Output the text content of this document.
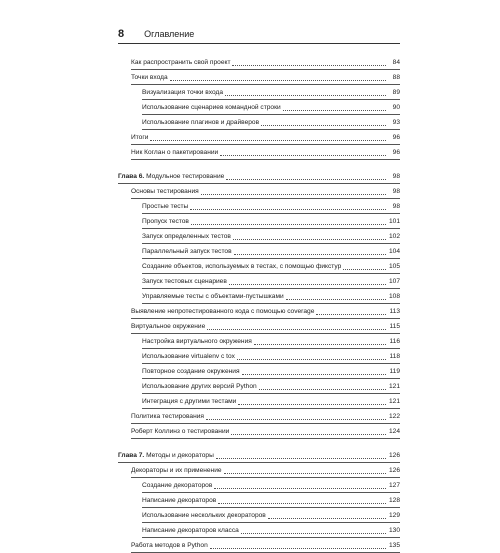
8 Оглавление
Как распространить свой проект	84
Точки входа	88
Визуализация точки входа	89
Использование сценариев командной строки	90
Использование плагинов и драйверов	93
Итоги	96
Ник Коглан о пакетировании	96
Глава 6. Модульное тестирование	98
Основы тестирования	98
Простые тесты	98
Пропуск тестов	101
Запуск определенных тестов	102
Параллельный запуск тестов	104
Создание объектов, используемых в тестах, с помощью фикстур	105
Запуск тестовых сценариев	107
Управляемые тесты с объектами-пустышками	108
Выявление непротестированного кода с помощью coverage	113
Виртуальное окружение	115
Настройка виртуального окружения	116
Использование virtualenv с tox	118
Повторное создание окружения	119
Использование других версий Python	121
Интеграция с другими тестами	121
Политика тестирования	122
Роберт Коллинз о тестировании	124
Глава 7. Методы и декораторы	126
Декораторы и их применение	126
Создание декораторов	127
Написание декораторов	128
Использование нескольких декораторов	129
Написание декораторов класса	130
Работа методов в Python	135
